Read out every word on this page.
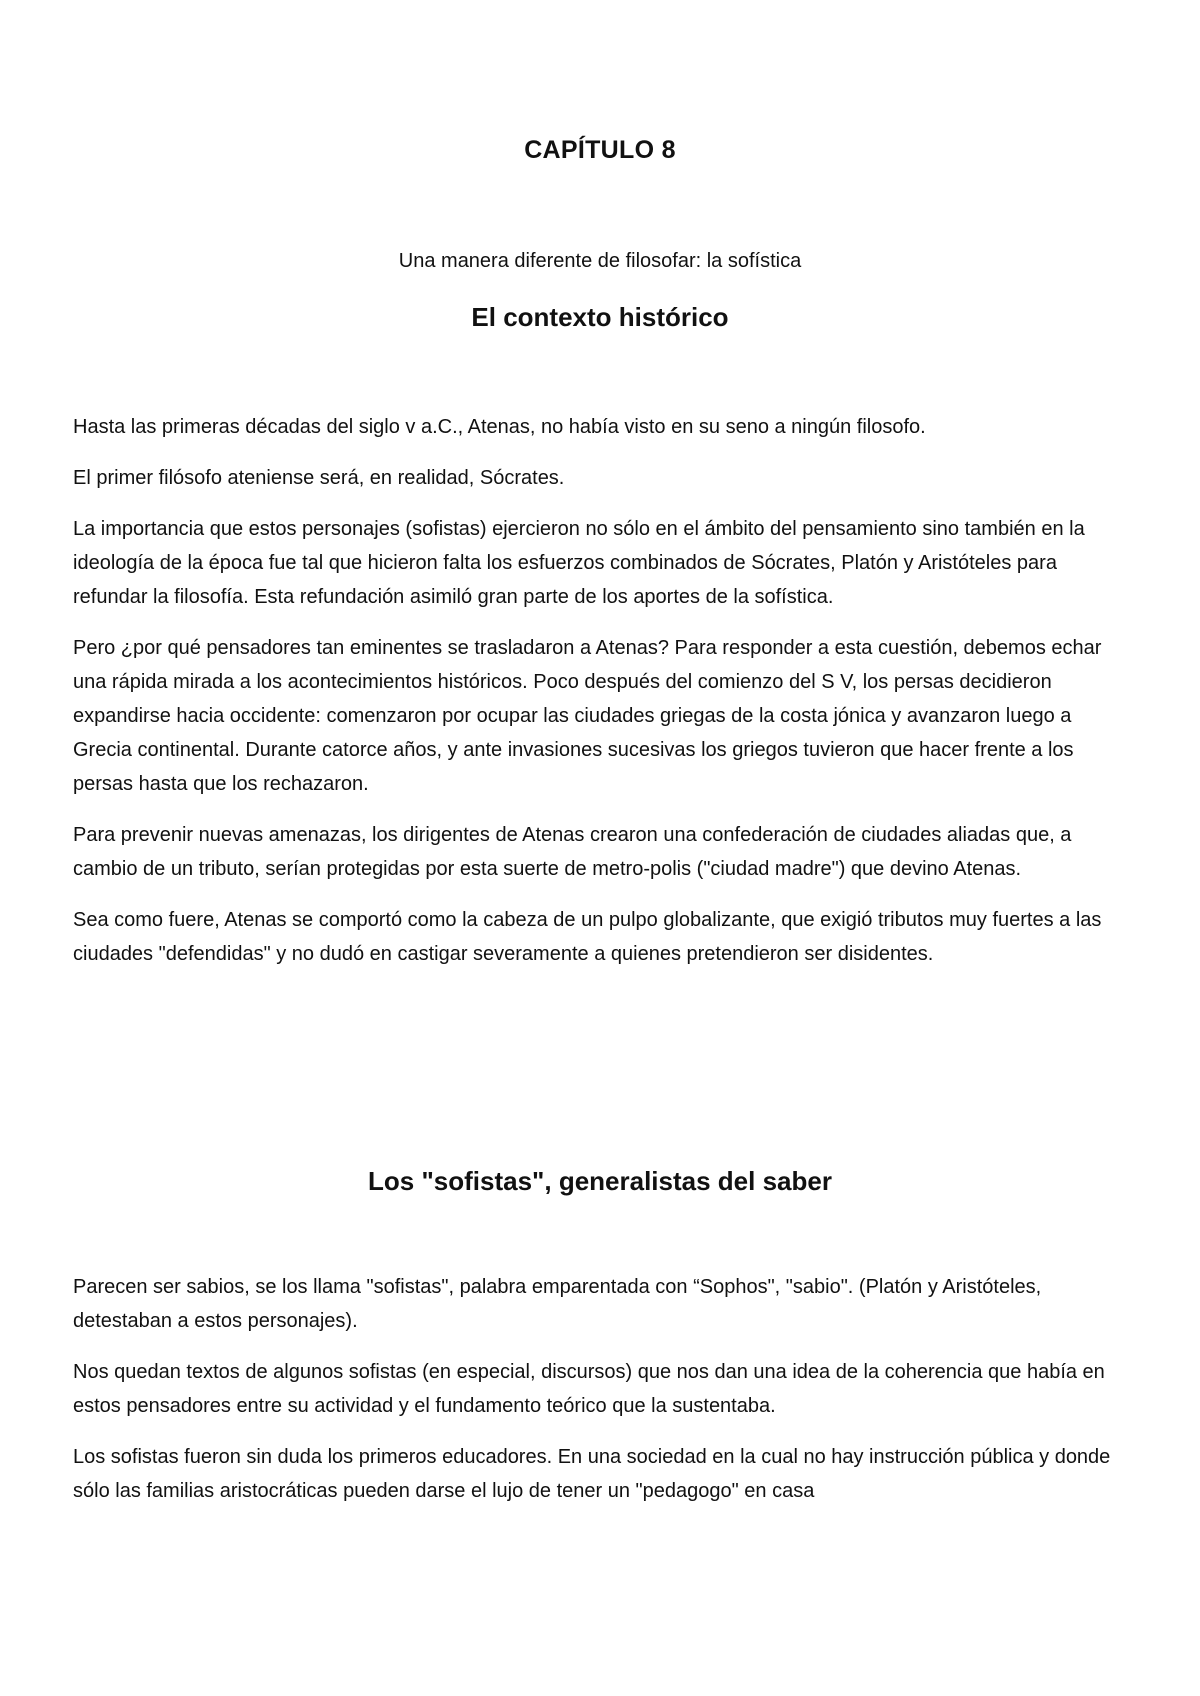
CAPÍTULO 8
Una manera diferente de filosofar: la sofística
El contexto histórico

Hasta las primeras décadas del siglo v a.C., Atenas, no había visto en su seno a ningún filosofo.

El primer filósofo ateniense será, en realidad, Sócrates.

La importancia que estos personajes (sofistas) ejercieron no sólo en el ámbito del pensamiento sino también en la ideología de la época fue tal que hicieron falta los esfuerzos combinados de Sócrates, Platón y Aristóteles para refundar la filosofía. Esta refundación asimiló gran parte de los aportes de la sofística.

Pero ¿por qué pensadores tan eminentes se trasladaron a Atenas? Para responder a esta cuestión, debemos echar una rápida mirada a los acontecimientos históricos. Poco después del comienzo del S V, los persas decidieron expandirse hacia occidente: comenzaron por ocupar las ciudades griegas de la costa jónica y avanzaron luego a Grecia continental. Durante catorce años, y ante invasiones sucesivas los griegos tuvieron que hacer frente a los persas hasta que los rechazaron.

Para prevenir nuevas amenazas, los dirigentes de Atenas crearon una confederación de ciudades aliadas que, a cambio de un tributo, serían protegidas por esta suerte de metro-polis ("ciudad madre") que devino Atenas.

Sea como fuere, Atenas se comportó como la cabeza de un pulpo globalizante, que exigió tributos muy fuertes a las ciudades "defendidas" y no dudó en castigar severamente a quienes pretendieron ser disidentes.

Los "sofistas", generalistas del saber

Parecen ser sabios, se los llama "sofistas", palabra emparentada con “Sophos", "sabio". (Platón y Aristóteles, detestaban a estos personajes).

Nos quedan textos de algunos sofistas (en especial, discursos) que nos dan una idea de la coherencia que había en estos pensadores entre su actividad y el fundamento teórico que la sustentaba.

Los sofistas fueron sin duda los primeros educadores. En una sociedad en la cual no hay instrucción pública y donde sólo las familias aristocráticas pueden darse el lujo de tener un "pedagogo" en casa
